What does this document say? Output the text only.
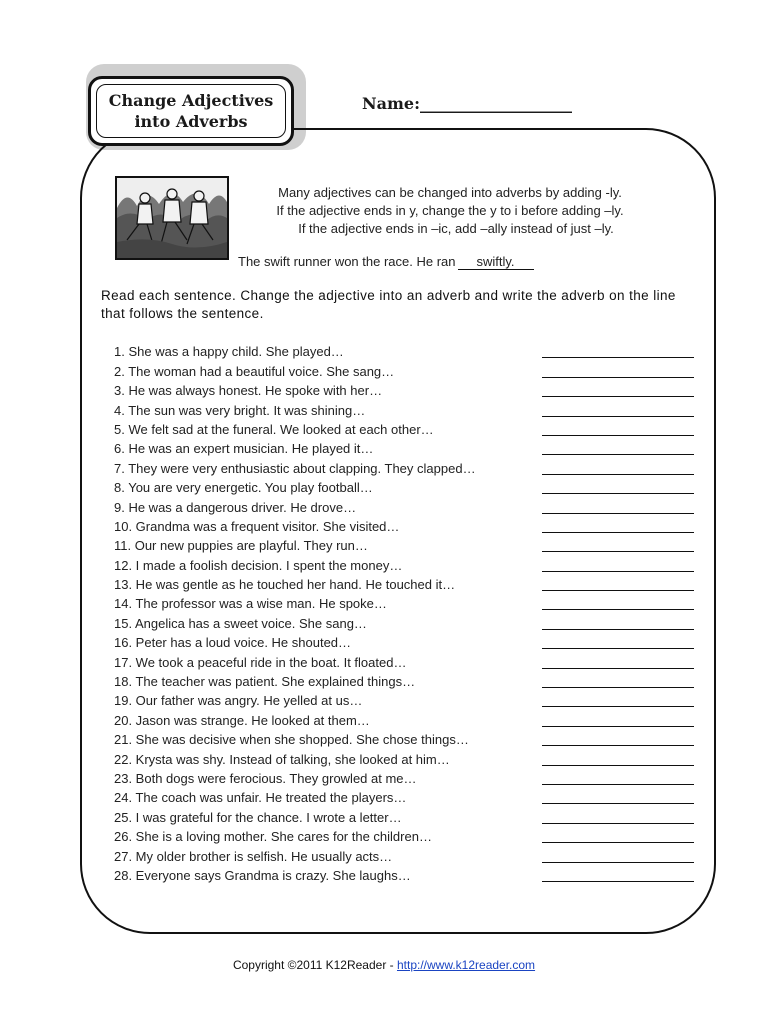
Change Adjectives
into Adverbs
Name:___________________
Many adjectives can be changed into adverbs by adding -ly.
If the adjective ends in y, change the y to i before adding –ly.
If the adjective ends in –ic, add –ally instead of just –ly.
The swift runner won the race. He ran swiftly.
Read each sentence. Change the adjective into an adverb and write the adverb on the line that follows the sentence.
1. She was a happy child. She played…
2. The woman had a beautiful voice. She sang…
3. He was always honest. He spoke with her…
4. The sun was very bright. It was shining…
5. We felt sad at the funeral. We looked at each other…
6. He was an expert musician. He played it…
7. They were very enthusiastic about clapping. They clapped…
8. You are very energetic. You play football…
9. He was a dangerous driver. He drove…
10. Grandma was a frequent visitor. She visited…
11. Our new puppies are playful. They run…
12. I made a foolish decision. I spent the money…
13. He was gentle as he touched her hand. He touched it…
14. The professor was a wise man. He spoke…
15. Angelica has a sweet voice. She sang…
16. Peter has a loud voice. He shouted…
17. We took a peaceful ride in the boat. It floated…
18. The teacher was patient. She explained things…
19. Our father was angry. He yelled at us…
20. Jason was strange. He looked at them…
21. She was decisive when she shopped. She chose things…
22. Krysta was shy. Instead of talking, she looked at him…
23. Both dogs were ferocious. They growled at me…
24. The coach was unfair. He treated the players…
25. I was grateful for the chance. I wrote a letter…
26. She is a loving mother. She cares for the children…
27. My older brother is selfish. He usually acts…
28. Everyone says Grandma is crazy. She laughs…
Copyright ©2011 K12Reader - http://www.k12reader.com
